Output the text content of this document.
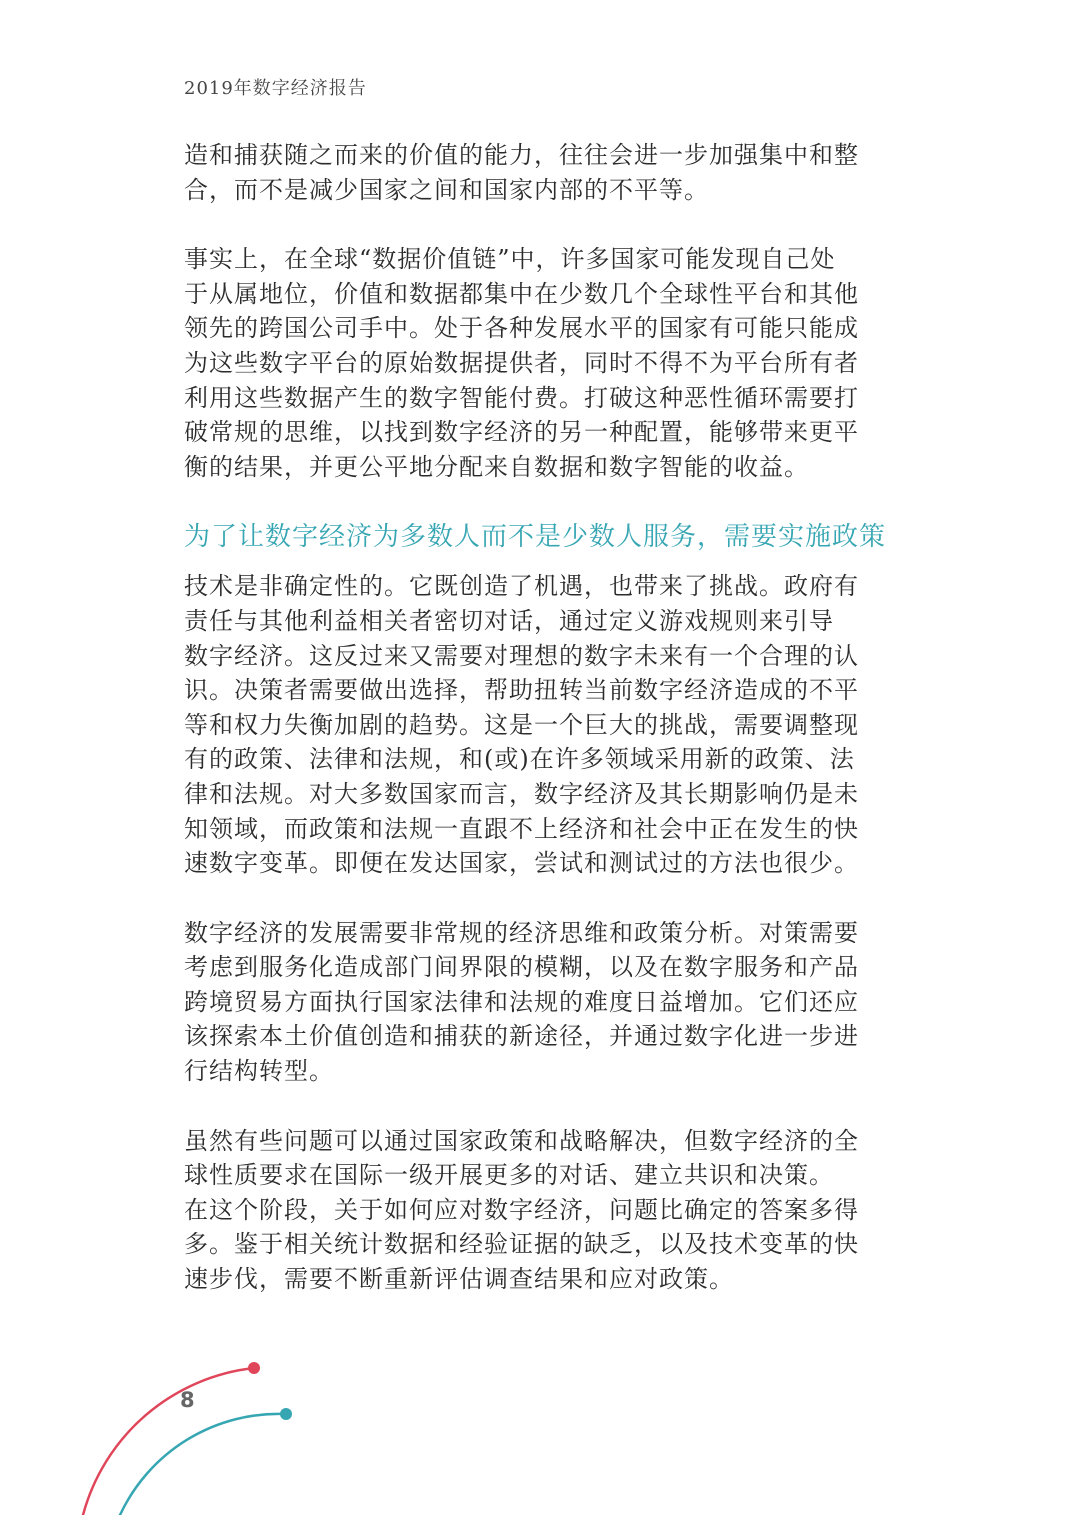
2019年数字经济报告

造和捕获随之而来的价值的能力，往往会进一步加强集中和整
合，而不是减少国家之间和国家内部的不平等。

事实上，在全球“数据价值链”中，许多国家可能发现自己处
于从属地位，价值和数据都集中在少数几个全球性平台和其他
领先的跨国公司手中。处于各种发展水平的国家有可能只能成
为这些数字平台的原始数据提供者，同时不得不为平台所有者
利用这些数据产生的数字智能付费。打破这种恶性循环需要打
破常规的思维，以找到数字经济的另一种配置，能够带来更平
衡的结果，并更公平地分配来自数据和数字智能的收益。

为了让数字经济为多数人而不是少数人服务，需要实施政策

技术是非确定性的。它既创造了机遇，也带来了挑战。政府有
责任与其他利益相关者密切对话，通过定义游戏规则来引导
数字经济。这反过来又需要对理想的数字未来有一个合理的认
识。决策者需要做出选择，帮助扭转当前数字经济造成的不平
等和权力失衡加剧的趋势。这是一个巨大的挑战，需要调整现
有的政策、法律和法规，和(或)在许多领域采用新的政策、法
律和法规。对大多数国家而言，数字经济及其长期影响仍是未
知领域，而政策和法规一直跟不上经济和社会中正在发生的快
速数字变革。即便在发达国家，尝试和测试过的方法也很少。

数字经济的发展需要非常规的经济思维和政策分析。对策需要
考虑到服务化造成部门间界限的模糊，以及在数字服务和产品
跨境贸易方面执行国家法律和法规的难度日益增加。它们还应
该探索本土价值创造和捕获的新途径，并通过数字化进一步进
行结构转型。

虽然有些问题可以通过国家政策和战略解决，但数字经济的全
球性质要求在国际一级开展更多的对话、建立共识和决策。
在这个阶段，关于如何应对数字经济，问题比确定的答案多得
多。鉴于相关统计数据和经验证据的缺乏，以及技术变革的快
速步伐，需要不断重新评估调查结果和应对政策。

8
